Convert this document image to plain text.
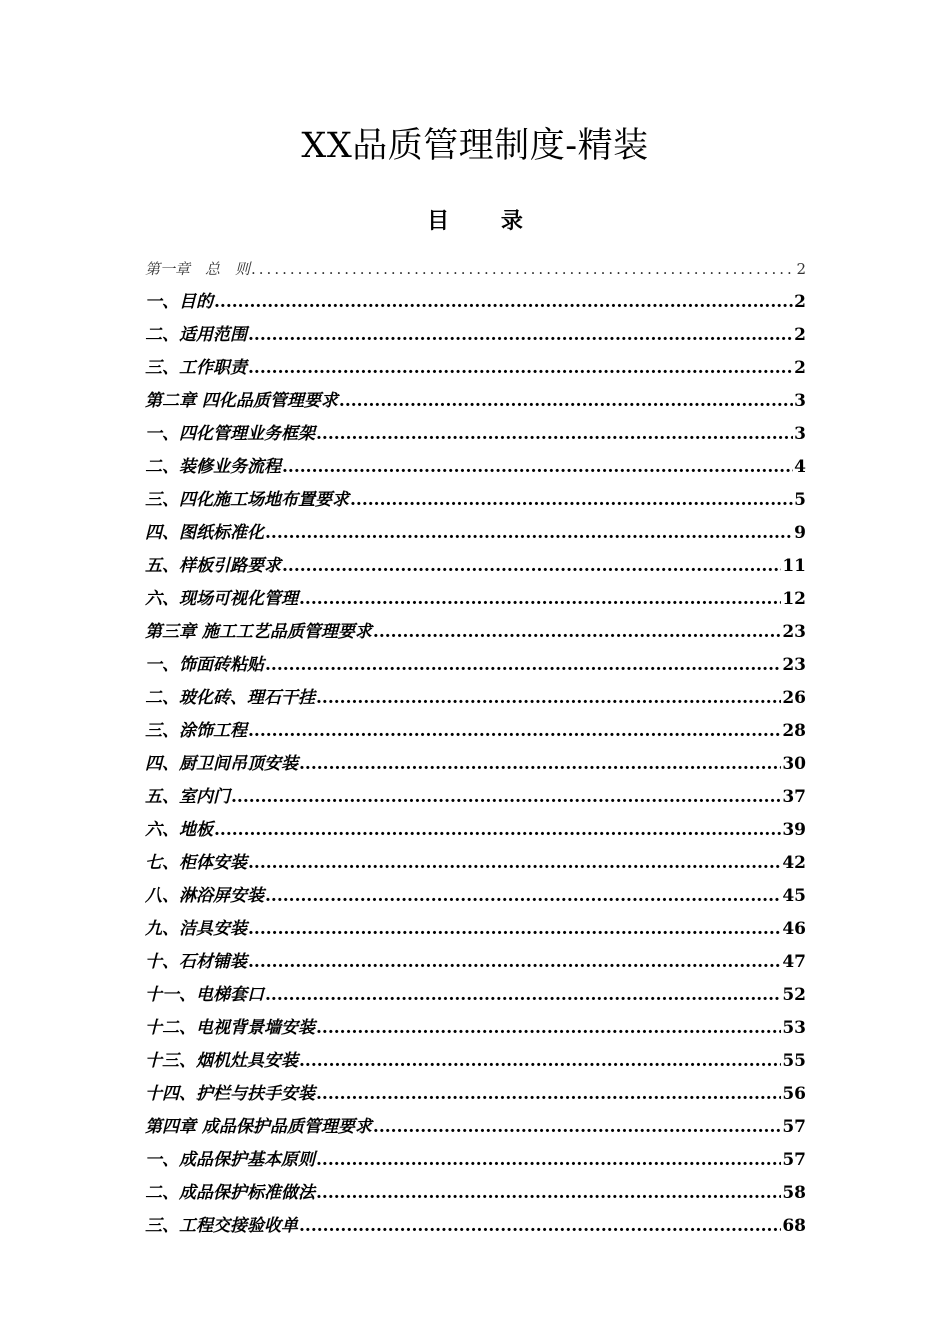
XX品质管理制度-精装
目 录
第一章　总　则 .....	2
一、目的 .....	2
二、适用范围 .....	2
三、工作职责 .....	2
第二章 四化品质管理要求 .....	3
一、四化管理业务框架 .....	3
二、装修业务流程 .....	4
三、四化施工场地布置要求 .....	5
四、图纸标准化 .....	9
五、样板引路要求 .....	11
六、现场可视化管理 .....	12
第三章 施工工艺品质管理要求 .....	23
一、饰面砖粘贴 .....	23
二、玻化砖、理石干挂 .....	26
三、涂饰工程 .....	28
四、厨卫间吊顶安装 .....	30
五、室内门 .....	37
六、地板 .....	39
七、柜体安装 .....	42
八、淋浴屏安装 .....	45
九、洁具安装 .....	46
十、石材铺装 .....	47
十一、电梯套口 .....	52
十二、电视背景墙安装 .....	53
十三、烟机灶具安装 .....	55
十四、护栏与扶手安装 .....	56
第四章 成品保护品质管理要求 .....	57
一、成品保护基本原则 .....	57
二、成品保护标准做法 .....	58
三、工程交接验收单 .....	68
